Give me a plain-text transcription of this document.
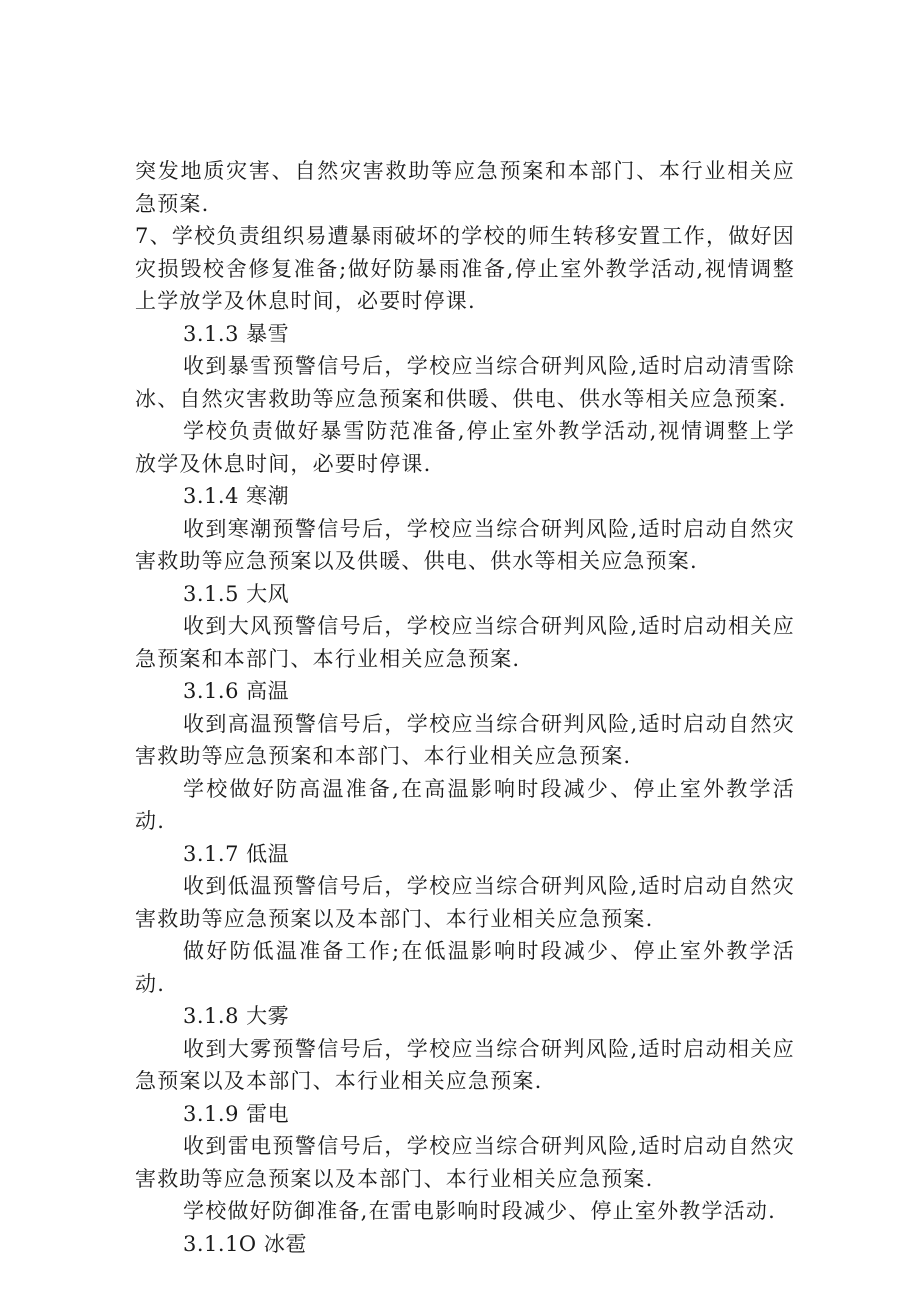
突发地质灾害、自然灾害救助等应急预案和本部门、本行业相关应急预案.

7、学校负责组织易遭暴雨破坏的学校的师生转移安置工作，做好因灾损毁校舍修复准备;做好防暴雨准备,停止室外教学活动,视情调整上学放学及休息时间，必要时停课.

3.1.3 暴雪

收到暴雪预警信号后，学校应当综合研判风险,适时启动清雪除冰、自然灾害救助等应急预案和供暖、供电、供水等相关应急预案.

学校负责做好暴雪防范准备,停止室外教学活动,视情调整上学放学及休息时间，必要时停课.

3.1.4 寒潮

收到寒潮预警信号后，学校应当综合研判风险,适时启动自然灾害救助等应急预案以及供暖、供电、供水等相关应急预案.

3.1.5 大风

收到大风预警信号后，学校应当综合研判风险,适时启动相关应急预案和本部门、本行业相关应急预案.

3.1.6 高温

收到高温预警信号后，学校应当综合研判风险,适时启动自然灾害救助等应急预案和本部门、本行业相关应急预案.

学校做好防高温准备,在高温影响时段减少、停止室外教学活动.

3.1.7 低温

收到低温预警信号后，学校应当综合研判风险,适时启动自然灾害救助等应急预案以及本部门、本行业相关应急预案.

做好防低温准备工作;在低温影响时段减少、停止室外教学活动.

3.1.8 大雾

收到大雾预警信号后，学校应当综合研判风险,适时启动相关应急预案以及本部门、本行业相关应急预案.

3.1.9 雷电

收到雷电预警信号后，学校应当综合研判风险,适时启动自然灾害救助等应急预案以及本部门、本行业相关应急预案.

学校做好防御准备,在雷电影响时段减少、停止室外教学活动.

3.1.1O 冰雹
